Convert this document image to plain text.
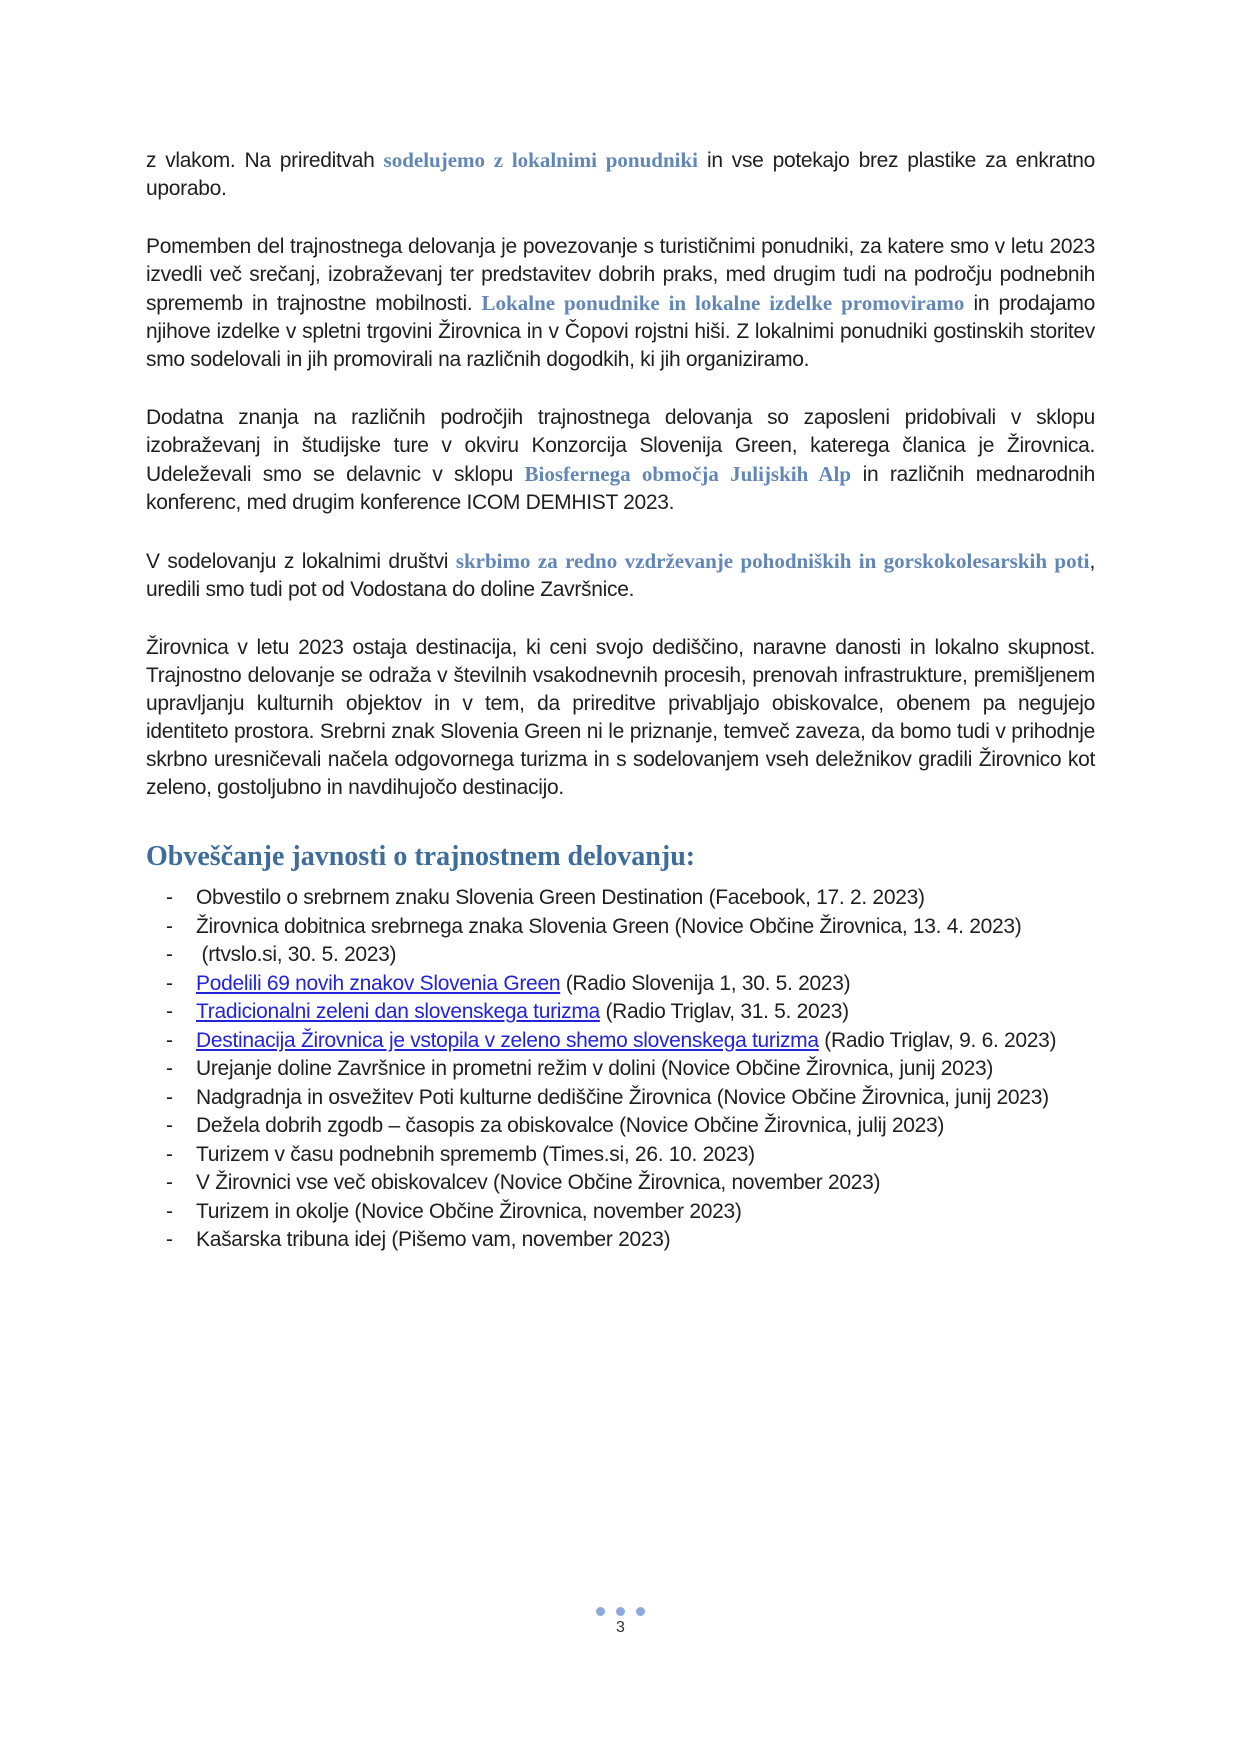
z vlakom. Na prireditvah sodelujemo z lokalnimi ponudniki in vse potekajo brez plastike za enkratno uporabo.

Pomemben del trajnostnega delovanja je povezovanje s turističnimi ponudniki, za katere smo v letu 2023 izvedli več srečanj, izobraževanj ter predstavitev dobrih praks, med drugim tudi na področju podnebnih sprememb in trajnostne mobilnosti. Lokalne ponudnike in lokalne izdelke promoviramo in prodajamo njihove izdelke v spletni trgovini Žirovnica in v Čopovi rojstni hiši. Z lokalnimi ponudniki gostinskih storitev smo sodelovali in jih promovirali na različnih dogodkih, ki jih organiziramo.

Dodatna znanja na različnih področjih trajnostnega delovanja so zaposleni pridobivali v sklopu izobraževanj in študijske ture v okviru Konzorcija Slovenija Green, katerega članica je Žirovnica. Udeleževali smo se delavnic v sklopu Biosfernega območja Julijskih Alp in različnih mednarodnih konferenc, med drugim konference ICOM DEMHIST 2023.

V sodelovanju z lokalnimi društvi skrbimo za redno vzdrževanje pohodniških in gorskokolesarskih poti, uredili smo tudi pot od Vodostana do doline Završnice.

Žirovnica v letu 2023 ostaja destinacija, ki ceni svojo dediščino, naravne danosti in lokalno skupnost. Trajnostno delovanje se odraža v številnih vsakodnevnih procesih, prenovah infrastrukture, premišljenem upravljanju kulturnih objektov in v tem, da prireditve privabljajo obiskovalce, obenem pa negujejo identiteto prostora. Srebrni znak Slovenia Green ni le priznanje, temveč zaveza, da bomo tudi v prihodnje skrbno uresničevali načela odgovornega turizma in s sodelovanjem vseh deležnikov gradili Žirovnico kot zeleno, gostoljubno in navdihujočo destinacijo.

Obveščanje javnosti o trajnostnem delovanju:
- Obvestilo o srebrnem znaku Slovenia Green Destination (Facebook, 17. 2. 2023)
- Žirovnica dobitnica srebrnega znaka Slovenia Green (Novice Občine Žirovnica, 13. 4. 2023)
- (rtvslo.si, 30. 5. 2023)
- Podelili 69 novih znakov Slovenia Green (Radio Slovenija 1, 30. 5. 2023)
- Tradicionalni zeleni dan slovenskega turizma (Radio Triglav, 31. 5. 2023)
- Destinacija Žirovnica je vstopila v zeleno shemo slovenskega turizma (Radio Triglav, 9. 6. 2023)
- Urejanje doline Završnice in prometni režim v dolini (Novice Občine Žirovnica, junij 2023)
- Nadgradnja in osvežitev Poti kulturne dediščine Žirovnica (Novice Občine Žirovnica, junij 2023)
- Dežela dobrih zgodb – časopis za obiskovalce (Novice Občine Žirovnica, julij 2023)
- Turizem v času podnebnih sprememb (Times.si, 26. 10. 2023)
- V Žirovnici vse več obiskovalcev (Novice Občine Žirovnica, november 2023)
- Turizem in okolje (Novice Občine Žirovnica, november 2023)
- Kašarska tribuna idej (Pišemo vam, november 2023)
3
